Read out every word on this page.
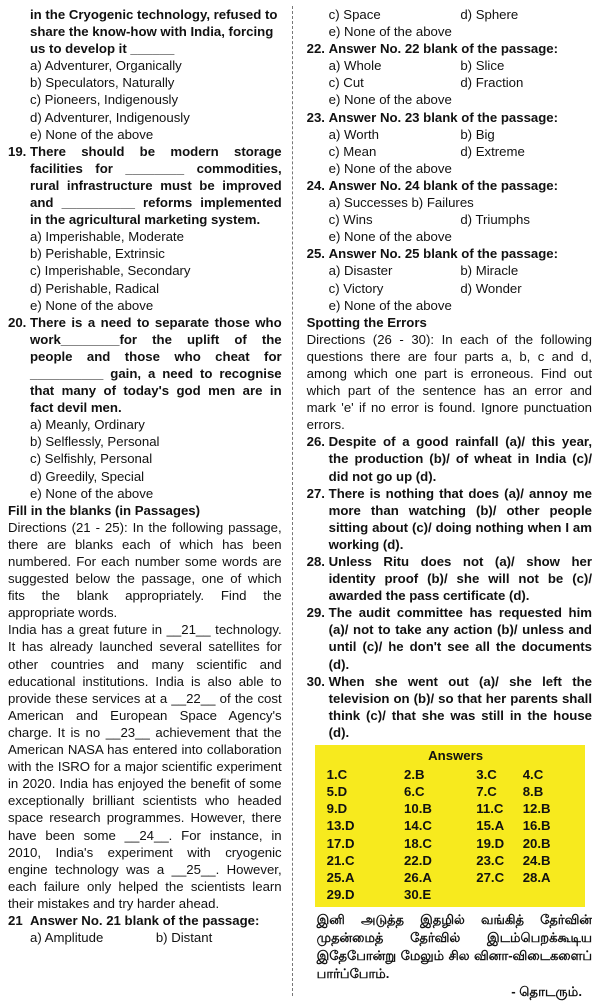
in the Cryogenic technology, refused to
share the know-how with India, forcing
us to develop it ______
a) Adventurer, Organically
b) Speculators, Naturally
c) Pioneers, Indigenously
d) Adventurer, Indigenously
e) None of the above
19. There should be modern storage facilities for ________ commodities, rural infrastructure must be improved and __________ reforms implemented in the agricultural marketing system.
a) Imperishable, Moderate
b) Perishable, Extrinsic
c) Imperishable, Secondary
d) Perishable, Radical
e) None of the above
20. There is a need to separate those who work________for the uplift of the people and those who cheat for __________ gain, a need to recognise that many of today's god men are in fact devil men.
a) Meanly, Ordinary
b) Selflessly, Personal
c) Selfishly, Personal
d) Greedily, Special
e) None of the above
Fill in the blanks (in Passages)
Directions (21 - 25): In the following passage, there are blanks each of which has been numbered. For each number some words are suggested below the passage, one of which fits the blank appropriately. Find the appropriate words.
India has a great future in __21__ technology. It has already launched several satellites for other countries and many scientific and educational institutions. India is also able to provide these services at a __22__ of the cost American and European Space Agency's charge. It is no __23__ achievement that the American NASA has entered into collaboration with the ISRO for a major scientific experiment in 2020. India has enjoyed the benefit of some exceptionally brilliant scientists who headed space research programmes. However, there have been some __24__. For instance, in 2010, India's experiment with cryogenic engine technology was a __25__. However, each failure only helped the scientists learn their mistakes and try harder ahead.
21 Answer No. 21 blank of the passage:
a) Amplitude	b) Distant
c) Space	d) Sphere
e) None of the above
22. Answer No. 22 blank of the passage:
a) Whole	b) Slice
c) Cut	d) Fraction
e) None of the above
23. Answer No. 23 blank of the passage:
a) Worth	b) Big
c) Mean	d) Extreme
e) None of the above
24. Answer No. 24 blank of the passage:
a) Successes b) Failures
c) Wins	d) Triumphs
e) None of the above
25. Answer No. 25 blank of the passage:
a) Disaster	b) Miracle
c) Victory	d) Wonder
e) None of the above
Spotting the Errors
Directions (26 - 30): In each of the following questions there are four parts a, b, c and d, among which one part is erroneous. Find out which part of the sentence has an error and mark 'e' if no error is found. Ignore punctuation errors.
26. Despite of a good rainfall (a)/ this year, the production (b)/ of wheat in India (c)/ did not go up (d).
27. There is nothing that does (a)/ annoy me more than watching (b)/ other people sitting about (c)/ doing nothing when I am working (d).
28. Unless Ritu does not (a)/ show her identity proof (b)/ she will not be (c)/ awarded the pass certificate (d).
29. The audit committee has requested him (a)/ not to take any action (b)/ unless and until (c)/ he don't see all the documents (d).
30. When she went out (a)/ she left the television on (b)/ so that her parents shall think (c)/ that she was still in the house (d).
Answers
1.C	2.B	3.C	4.C
5.D	6.C	7.C	8.B
9.D	10.B	11.C	12.B
13.D	14.C	15.A	16.B
17.D	18.C	19.D	20.B
21.C	22.D	23.C	24.B
25.A	26.A	27.C	28.A
29.D	30.E
இனி அடுத்த இதழில் வங்கித் தேர்வின் முதன்மைத் தேர்வில் இடம்பெறக்கூடிய இதேபோன்று மேலும் சில வினா-விடைகளைப் பார்ப்போம்.
- தொடரும்.
